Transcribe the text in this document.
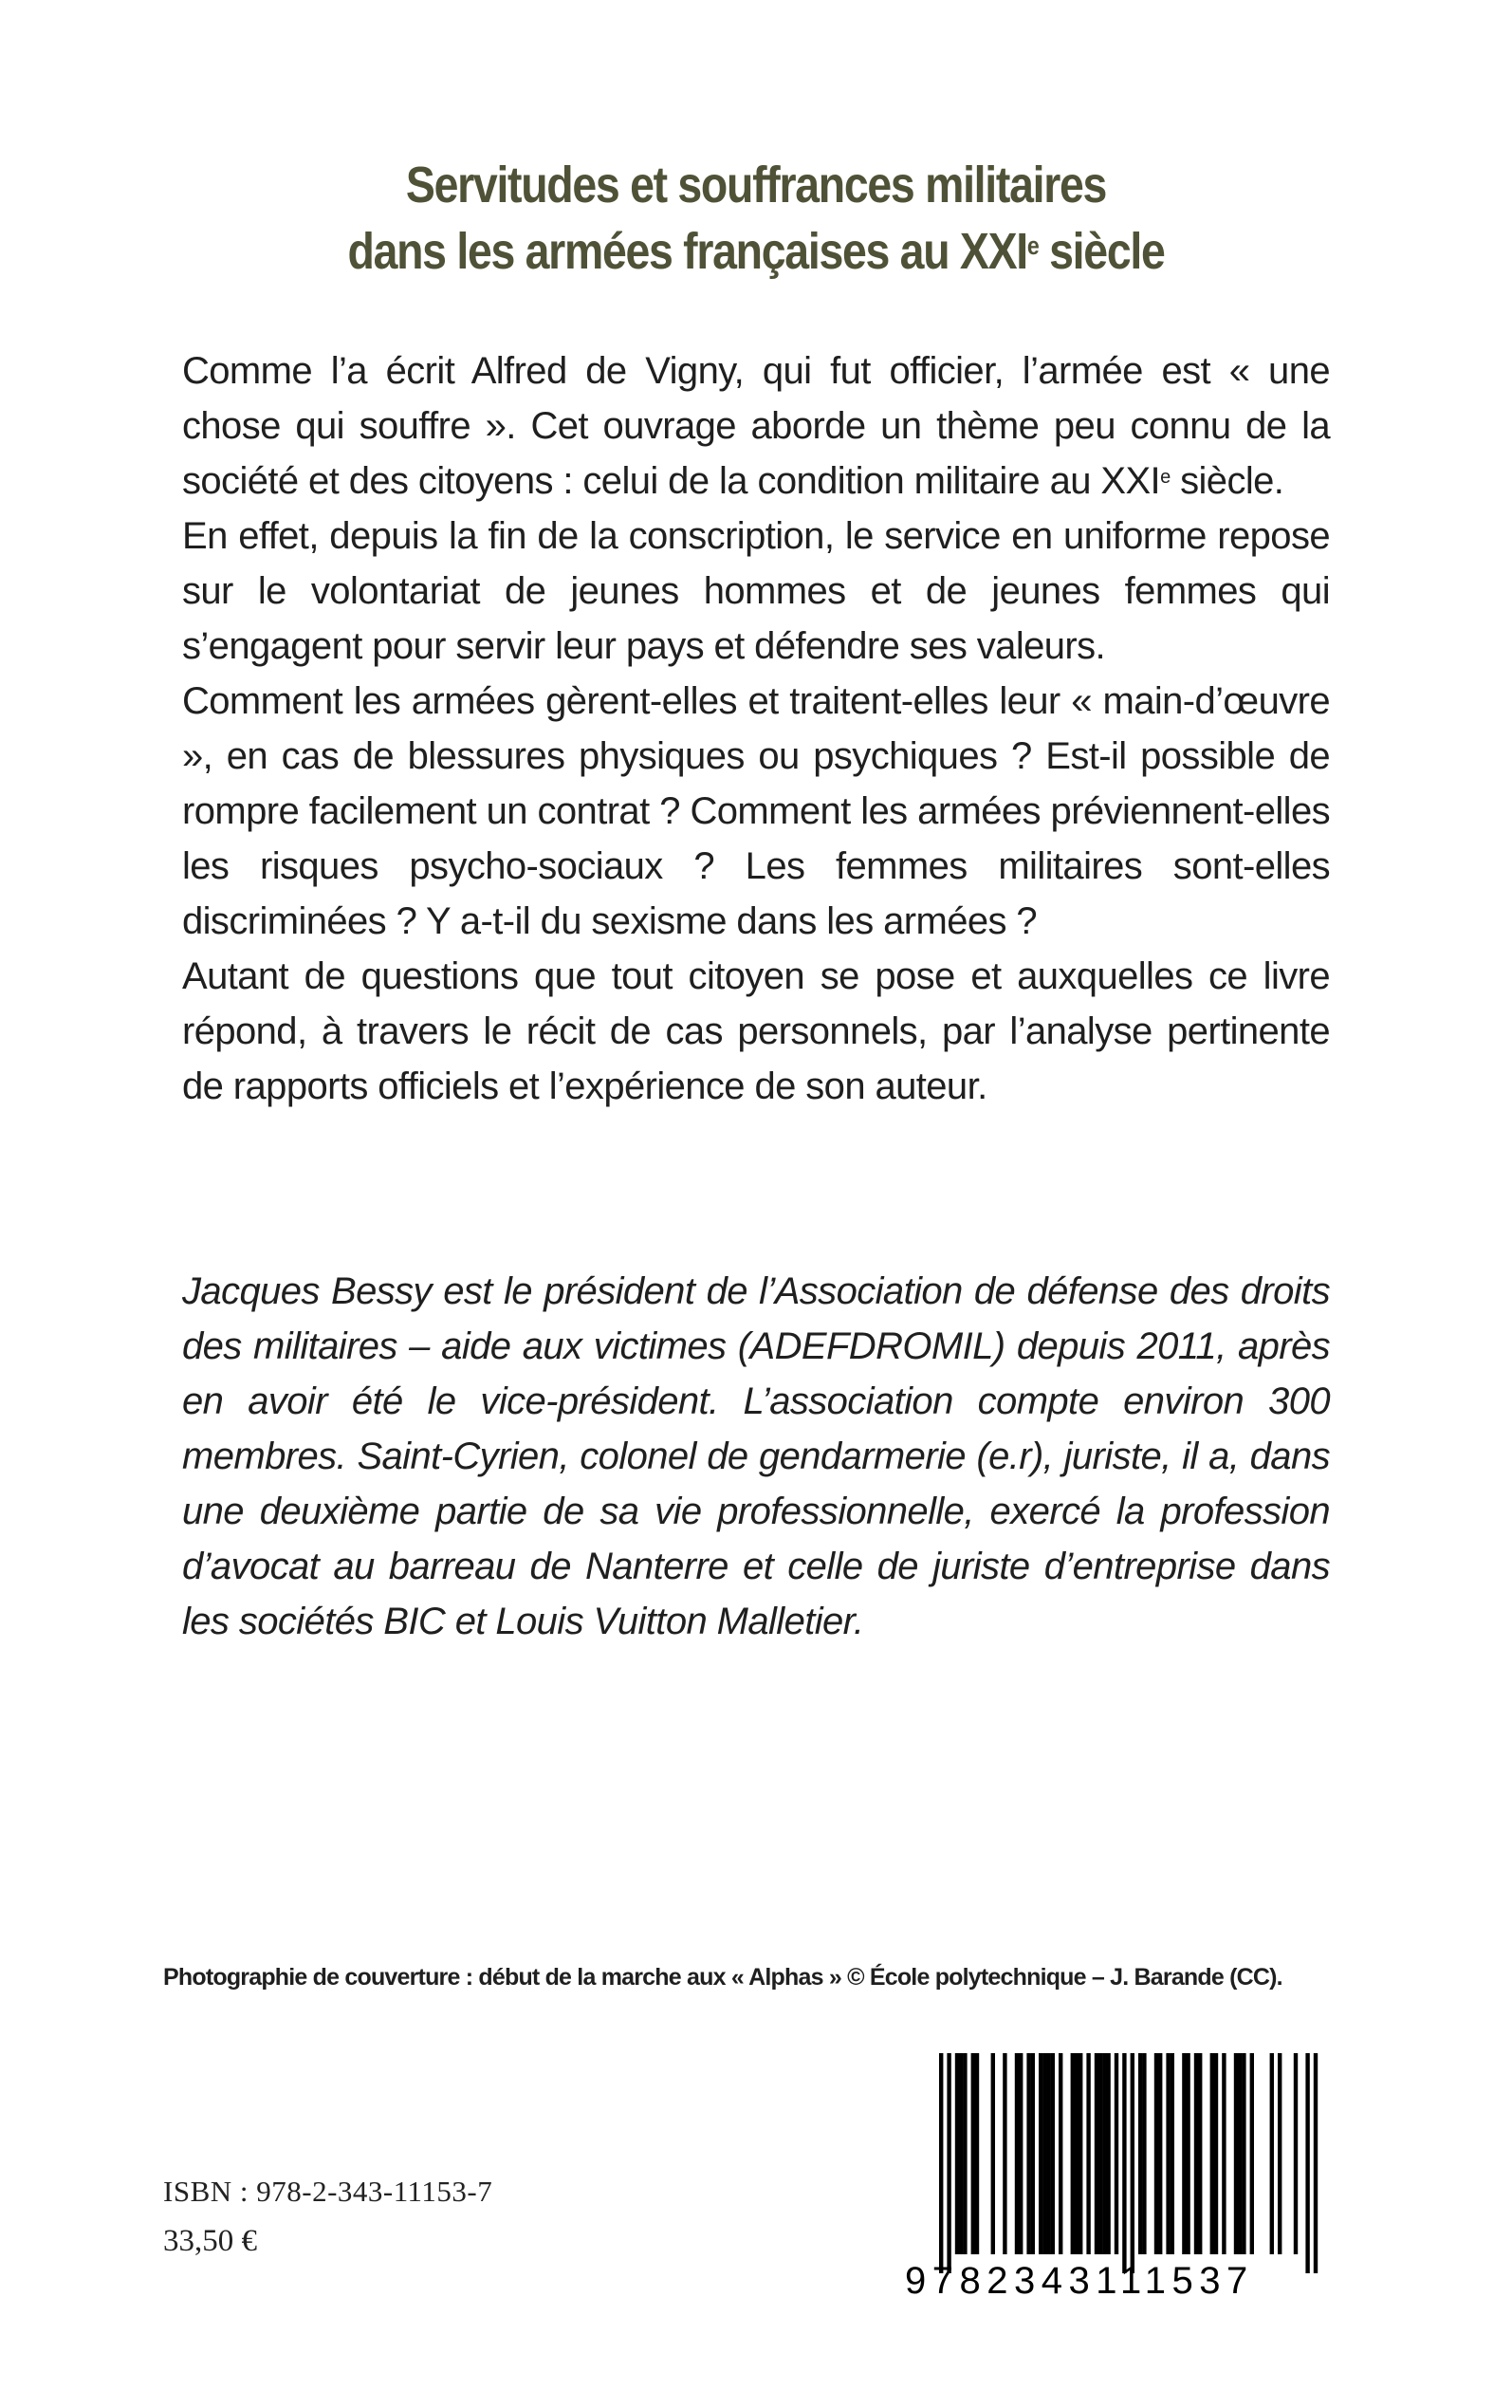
Servitudes et souffrances militaires
dans les armées françaises au XXIe siècle

Comme l’a écrit Alfred de Vigny, qui fut officier, l’armée est « une chose qui souffre ». Cet ouvrage aborde un thème peu connu de la société et des citoyens : celui de la condition militaire au XXIe siècle.

En effet, depuis la fin de la conscription, le service en uniforme repose sur le volontariat de jeunes hommes et de jeunes femmes qui s’engagent pour servir leur pays et défendre ses valeurs.

Comment les armées gèrent-elles et traitent-elles leur « main-d’œuvre », en cas de blessures physiques ou psychiques ? Est-il possible de rompre facilement un contrat ? Comment les armées préviennent-elles les risques psycho-sociaux ? Les femmes militaires sont-elles discriminées ? Y a-t-il du sexisme dans les armées ?

Autant de questions que tout citoyen se pose et auxquelles ce livre répond, à travers le récit de cas personnels, par l’analyse pertinente de rapports officiels et l’expérience de son auteur.

Jacques Bessy est le président de l’Association de défense des droits des militaires – aide aux victimes (ADEFDROMIL) depuis 2011, après en avoir été le vice-président. L’association compte environ 300 membres. Saint-Cyrien, colonel de gendarmerie (e.r), juriste, il a, dans une deuxième partie de sa vie professionnelle, exercé la profession d’avocat au barreau de Nanterre et celle de juriste d’entreprise dans les sociétés BIC et Louis Vuitton Malletier.

Photographie de couverture : début de la marche aux « Alphas » © École polytechnique – J. Barande (CC).
ISBN : 978-2-343-11153-7
33,50 €
9782343111537
